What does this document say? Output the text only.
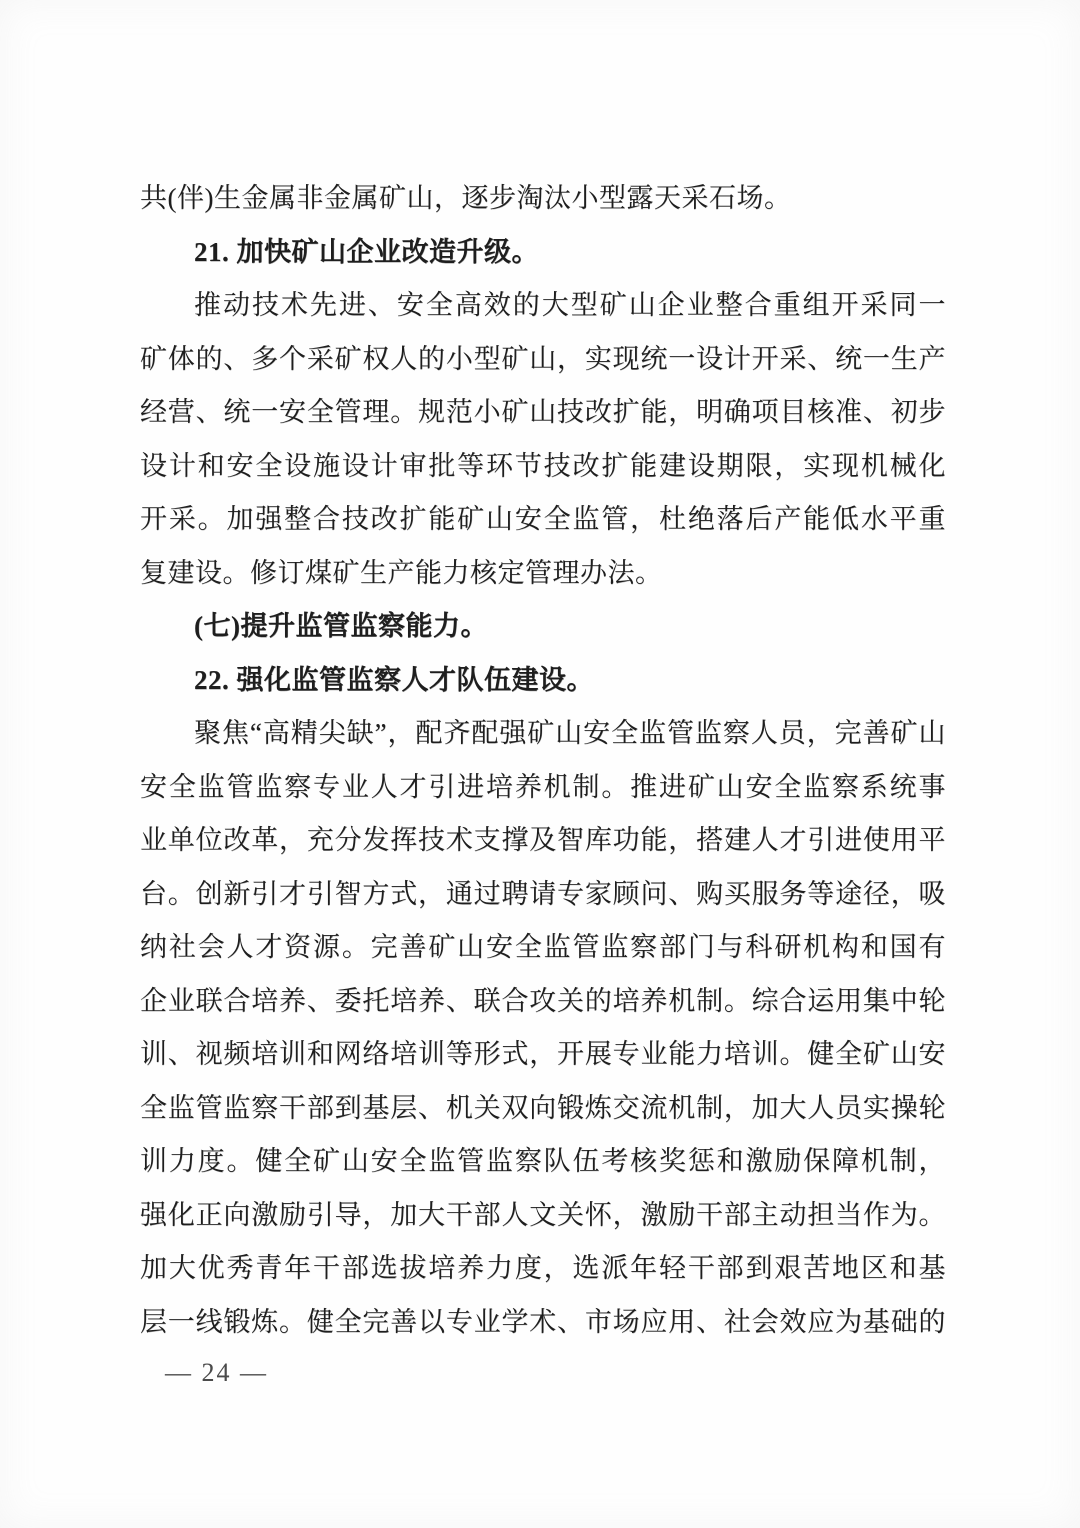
共(伴)生金属非金属矿山，逐步淘汰小型露天采石场。

21. 加快矿山企业改造升级。

推动技术先进、安全高效的大型矿山企业整合重组开采同一

矿体的、多个采矿权人的小型矿山，实现统一设计开采、统一生产

经营、统一安全管理。规范小矿山技改扩能，明确项目核准、初步

设计和安全设施设计审批等环节技改扩能建设期限，实现机械化

开采。加强整合技改扩能矿山安全监管，杜绝落后产能低水平重

复建设。修订煤矿生产能力核定管理办法。

(七)提升监管监察能力。

22. 强化监管监察人才队伍建设。

聚焦“高精尖缺”，配齐配强矿山安全监管监察人员，完善矿山

安全监管监察专业人才引进培养机制。推进矿山安全监察系统事

业单位改革，充分发挥技术支撑及智库功能，搭建人才引进使用平

台。创新引才引智方式，通过聘请专家顾问、购买服务等途径，吸

纳社会人才资源。完善矿山安全监管监察部门与科研机构和国有

企业联合培养、委托培养、联合攻关的培养机制。综合运用集中轮

训、视频培训和网络培训等形式，开展专业能力培训。健全矿山安

全监管监察干部到基层、机关双向锻炼交流机制，加大人员实操轮

训力度。健全矿山安全监管监察队伍考核奖惩和激励保障机制，

强化正向激励引导，加大干部人文关怀，激励干部主动担当作为。

加大优秀青年干部选拔培养力度，选派年轻干部到艰苦地区和基

层一线锻炼。健全完善以专业学术、市场应用、社会效应为基础的

— 24 —
